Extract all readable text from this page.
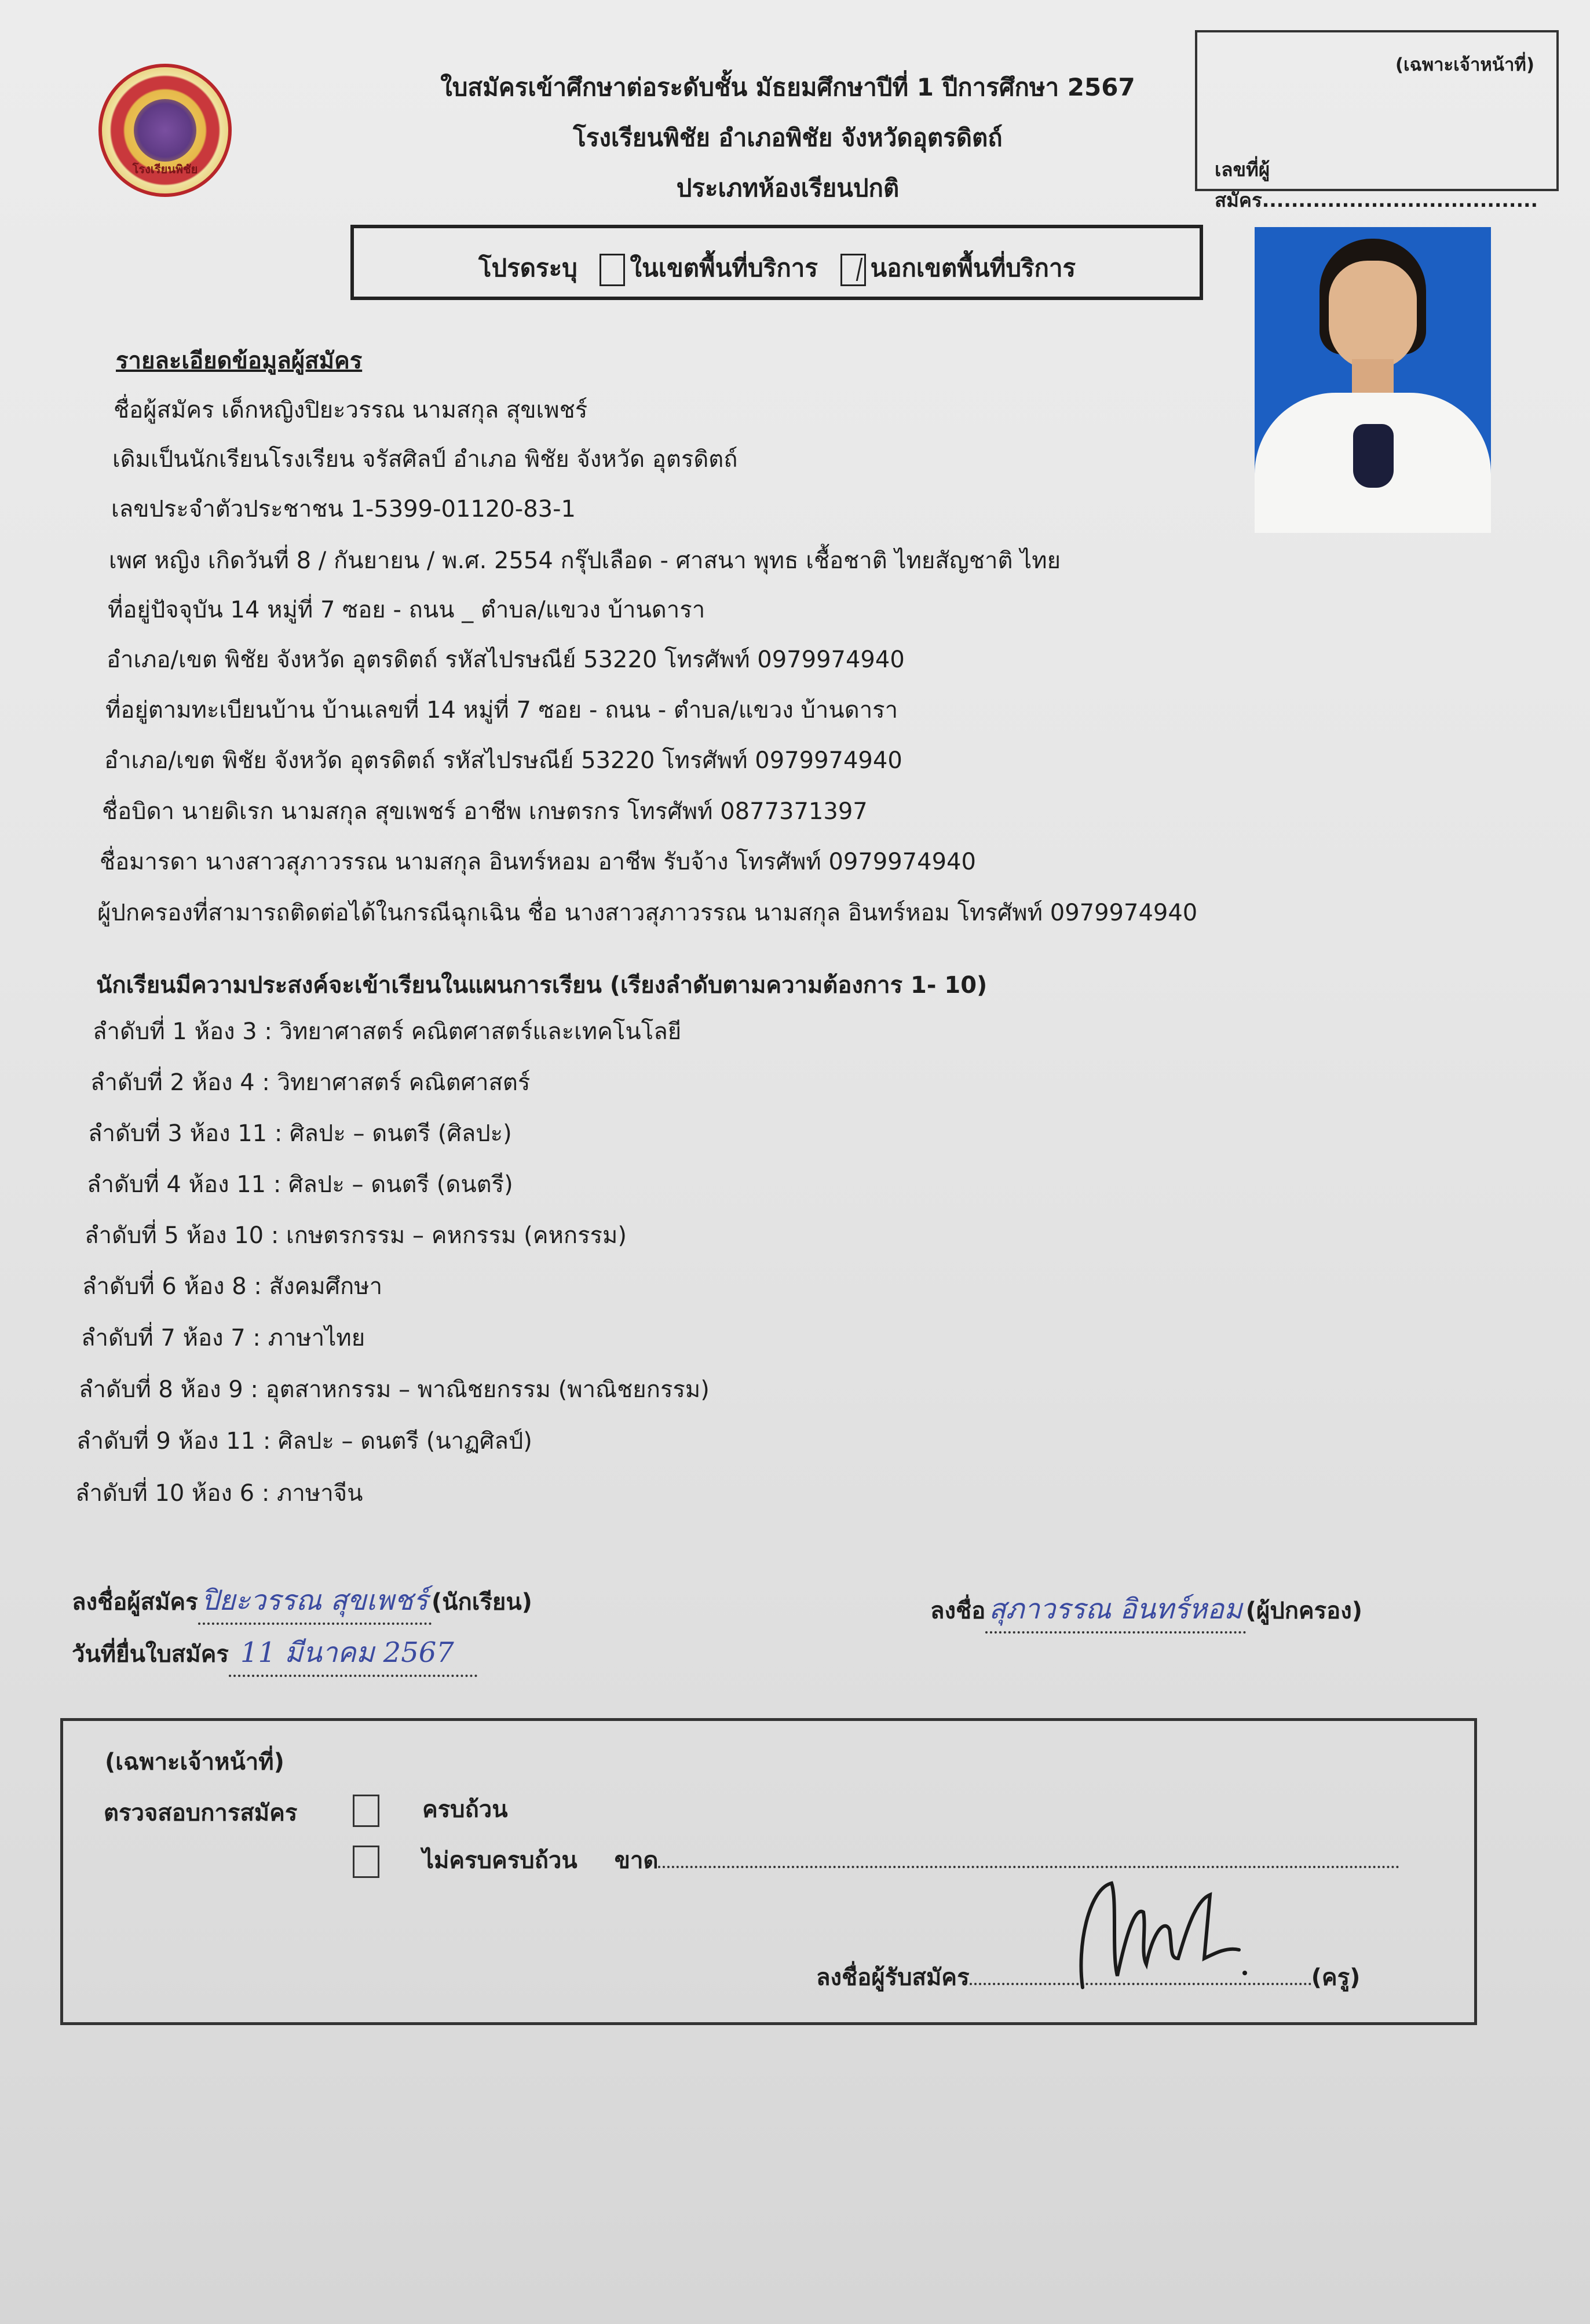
โรงเรียนพิชัย
ใบสมัครเข้าศึกษาต่อระดับชั้น มัธยมศึกษาปีที่ 1 ปีการศึกษา 2567
โรงเรียนพิชัย อำเภอพิชัย จังหวัดอุตรดิตถ์
ประเภทห้องเรียนปกติ
(เฉพาะเจ้าหน้าที่)
เลขที่ผู้สมัคร......................................
โปรดระบุ ในเขตพื้นที่บริการ นอกเขตพื้นที่บริการ
รายละเอียดข้อมูลผู้สมัคร
ชื่อผู้สมัคร เด็กหญิงปิยะวรรณ นามสกุล สุขเพชร์
เดิมเป็นนักเรียนโรงเรียน จรัสศิลป์ อำเภอ พิชัย จังหวัด อุตรดิตถ์
เลขประจำตัวประชาชน 1-5399-01120-83-1
เพศ หญิง เกิดวันที่ 8 / กันยายน / พ.ศ. 2554 กรุ๊ปเลือด - ศาสนา พุทธ เชื้อชาติ ไทยสัญชาติ ไทย
ที่อยู่ปัจจุบัน 14 หมู่ที่ 7 ซอย - ถนน _ ตำบล/แขวง บ้านดารา
อำเภอ/เขต พิชัย จังหวัด อุตรดิตถ์ รหัสไปรษณีย์ 53220 โทรศัพท์ 0979974940
ที่อยู่ตามทะเบียนบ้าน บ้านเลขที่ 14 หมู่ที่ 7 ซอย - ถนน - ตำบล/แขวง บ้านดารา
อำเภอ/เขต พิชัย จังหวัด อุตรดิตถ์ รหัสไปรษณีย์ 53220 โทรศัพท์ 0979974940
ชื่อบิดา นายดิเรก นามสกุล สุขเพชร์ อาชีพ เกษตรกร โทรศัพท์ 0877371397
ชื่อมารดา นางสาวสุภาวรรณ นามสกุล อินทร์หอม อาชีพ รับจ้าง โทรศัพท์ 0979974940
ผู้ปกครองที่สามารถติดต่อได้ในกรณีฉุกเฉิน ชื่อ นางสาวสุภาวรรณ นามสกุล อินทร์หอม โทรศัพท์ 0979974940
นักเรียนมีความประสงค์จะเข้าเรียนในแผนการเรียน (เรียงลำดับตามความต้องการ 1- 10)
ลำดับที่ 1 ห้อง 3 : วิทยาศาสตร์ คณิตศาสตร์และเทคโนโลยี
ลำดับที่ 2 ห้อง 4 : วิทยาศาสตร์ คณิตศาสตร์
ลำดับที่ 3 ห้อง 11 : ศิลปะ – ดนตรี (ศิลปะ)
ลำดับที่ 4 ห้อง 11 : ศิลปะ – ดนตรี (ดนตรี)
ลำดับที่ 5 ห้อง 10 : เกษตรกรรม – คหกรรม (คหกรรม)
ลำดับที่ 6 ห้อง 8 : สังคมศึกษา
ลำดับที่ 7 ห้อง 7 : ภาษาไทย
ลำดับที่ 8 ห้อง 9 : อุตสาหกรรม – พาณิชยกรรม (พาณิชยกรรม)
ลำดับที่ 9 ห้อง 11 : ศิลปะ – ดนตรี (นาฏศิลป์)
ลำดับที่ 10 ห้อง 6 : ภาษาจีน
ลงชื่อผู้สมัคร ปิยะวรรณ สุขเพชร์ (นักเรียน)
วันที่ยื่นใบสมัคร 11 มีนาคม 2567
ลงชื่อ สุภาวรรณ อินทร์หอม (ผู้ปกครอง)
(เฉพาะเจ้าหน้าที่)
ตรวจสอบการสมัคร	ครบถ้วน
ไม่ครบครบถ้วน ขาด
ลงชื่อผู้รับสมัคร	(ครู)
